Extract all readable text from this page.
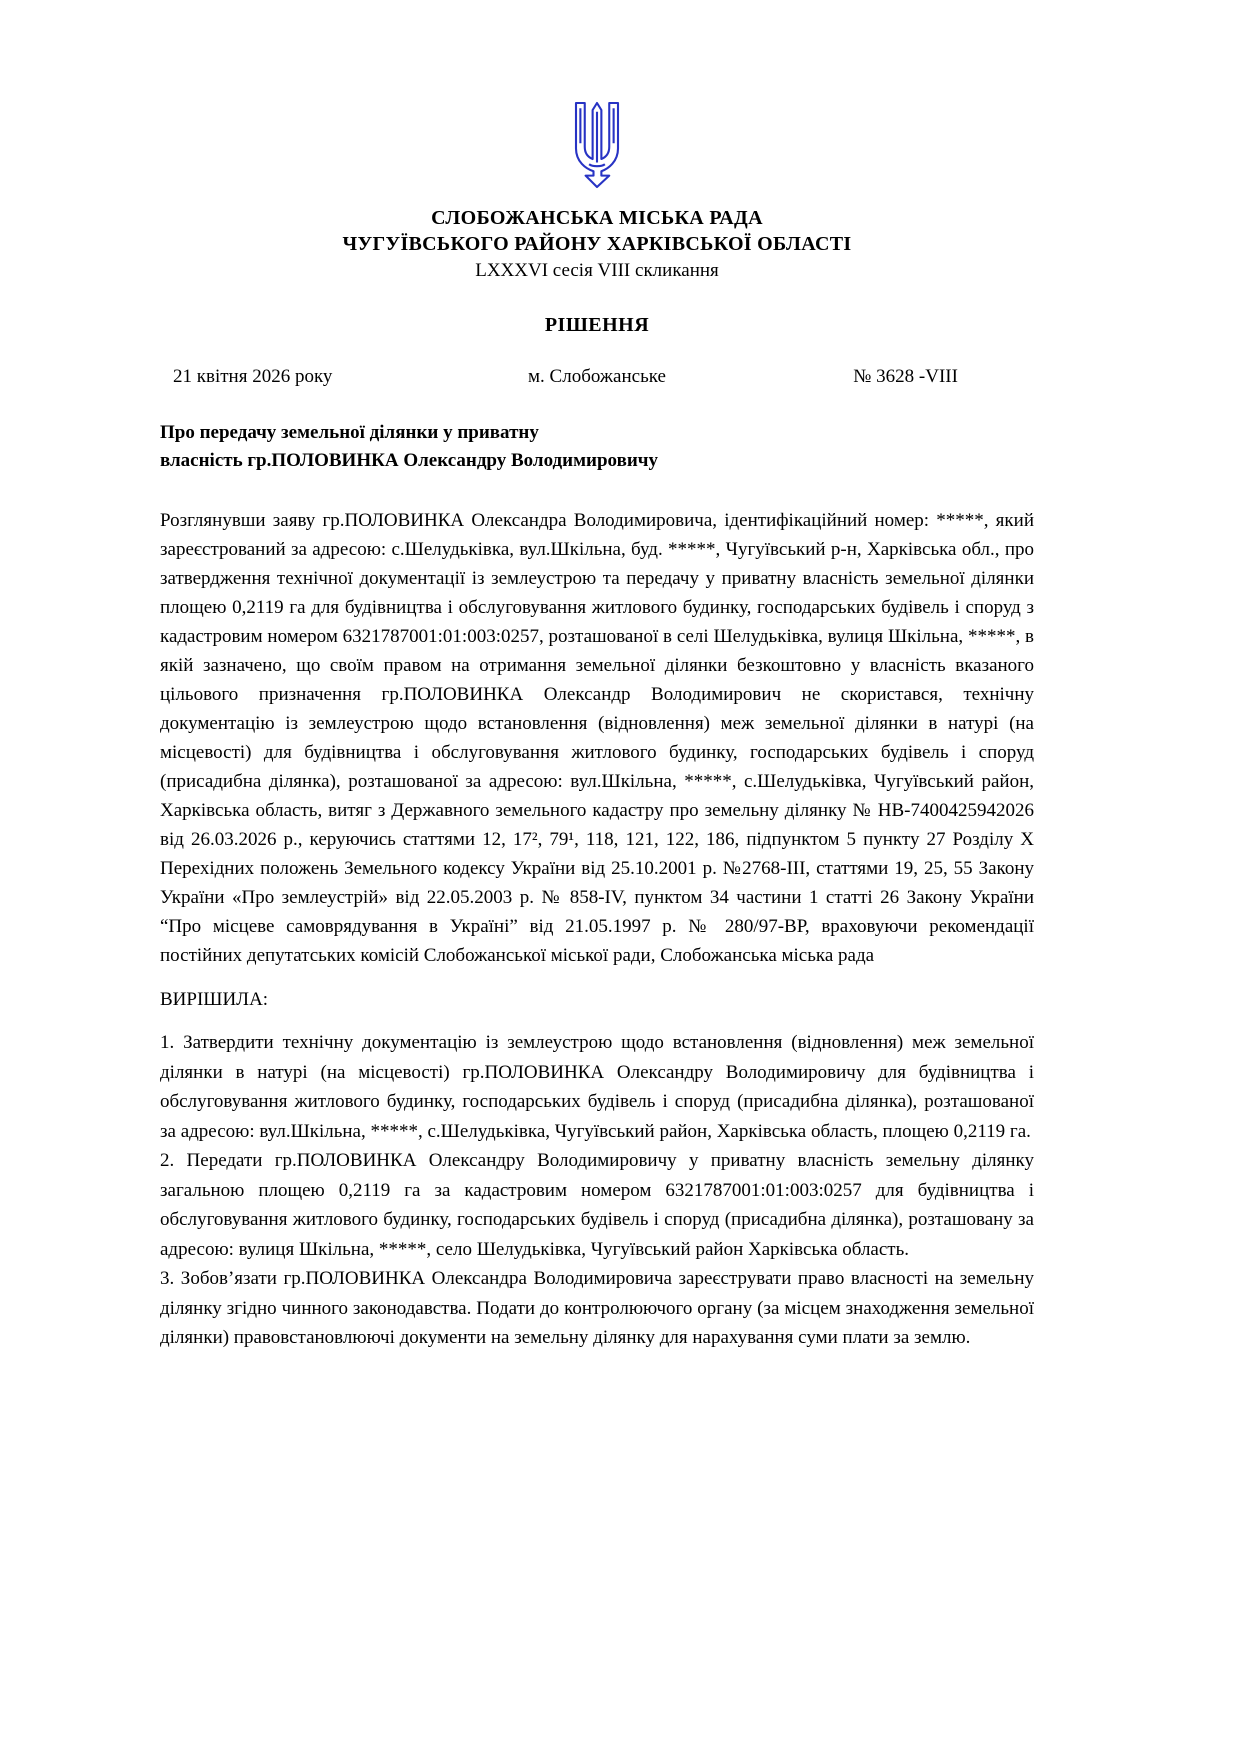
СЛОБОЖАНСЬКА МІСЬКА РАДА
ЧУГУЇВСЬКОГО РАЙОНУ ХАРКІВСЬКОЇ ОБЛАСТІ
LXXXVI сесія VIII скликання
РІШЕННЯ
21 квітня 2026 року	м. Слобожанське	№ 3628 -VIII
Про передачу земельної ділянки у приватну
власність гр.ПОЛОВИНКА Олександру Володимировичу

Розглянувши заяву гр.ПОЛОВИНКА Олександра Володимировича, ідентифікаційний номер: *****, який зареєстрований за адресою: с.Шелудьківка, вул.Шкільна, буд. *****, Чугуївський р-н, Харківська обл., про затвердження технічної документації із землеустрою та передачу у приватну власність земельної ділянки площею 0,2119 га для будівництва і обслуговування житлового будинку, господарських будівель і споруд з кадастровим номером 6321787001:01:003:0257, розташованої в селі Шелудьківка, вулиця Шкільна, *****, в якій зазначено, що своїм правом на отримання земельної ділянки безкоштовно у власність вказаного цільового призначення гр.ПОЛОВИНКА Олександр Володимирович не скористався, технічну документацію із землеустрою щодо встановлення (відновлення) меж земельної ділянки в натурі (на місцевості) для будівництва і обслуговування житлового будинку, господарських будівель і споруд (присадибна ділянка), розташованої за адресою: вул.Шкільна, *****, с.Шелудьківка, Чугуївський район, Харківська область, витяг з Державного земельного кадастру про земельну ділянку № НВ-7400425942026 від 26.03.2026 р., керуючись статтями 12, 17², 79¹, 118, 121, 122, 186, підпунктом 5 пункту 27 Розділу X Перехідних положень Земельного кодексу України від 25.10.2001 р. №2768-III, статтями 19, 25, 55 Закону України «Про землеустрій» від 22.05.2003 р. № 858-IV, пунктом 34 частини 1 статті 26 Закону України “Про місцеве самоврядування в Україні” від 21.05.1997 р. № 280/97-ВР, враховуючи рекомендації постійних депутатських комісій Слобожанської міської ради, Слобожанська міська рада

ВИРІШИЛА:

1. Затвердити технічну документацію із землеустрою щодо встановлення (відновлення) меж земельної ділянки в натурі (на місцевості) гр.ПОЛОВИНКА Олександру Володимировичу для будівництва і обслуговування житлового будинку, господарських будівель і споруд (присадибна ділянка), розташованої за адресою: вул.Шкільна, *****, с.Шелудьківка, Чугуївський район, Харківська область, площею 0,2119 га.

2. Передати гр.ПОЛОВИНКА Олександру Володимировичу у приватну власність земельну ділянку загальною площею 0,2119 га за кадастровим номером 6321787001:01:003:0257 для будівництва і обслуговування житлового будинку, господарських будівель і споруд (присадибна ділянка), розташовану за адресою: вулиця Шкільна, *****, село Шелудьківка, Чугуївський район Харківська область.

3. Зобов’язати гр.ПОЛОВИНКА Олександра Володимировича зареєструвати право власності на земельну ділянку згідно чинного законодавства. Подати до контролюючого органу (за місцем знаходження земельної ділянки) правовстановлюючі документи на земельну ділянку для нарахування суми плати за землю.
